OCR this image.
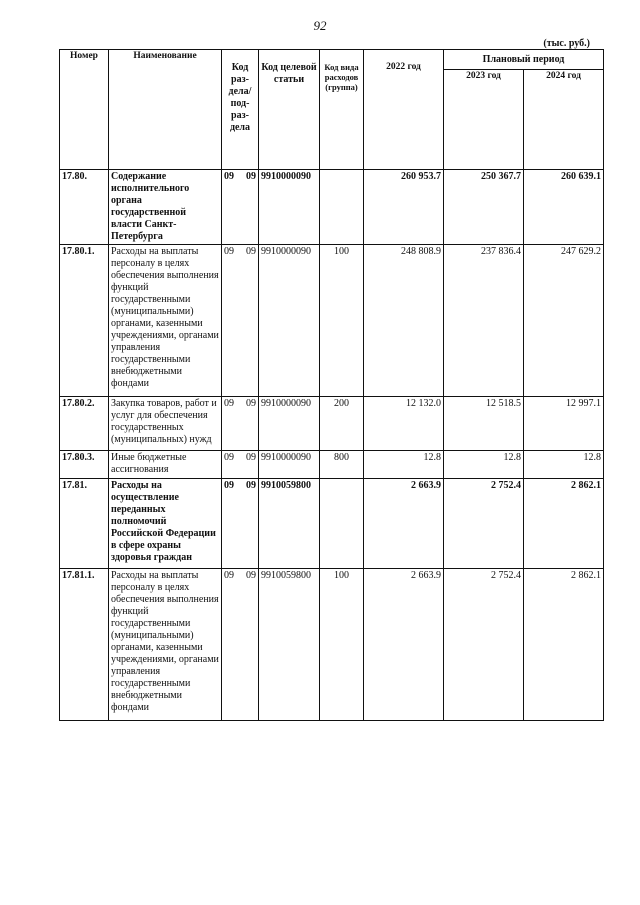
92
(тыс. руб.)
Номер	Наименование	Код раз-дела/ под-раз-дела	Код целевой статьи	Код вида расходов (группа)	2022 год	Плановый период	
						2023 год	2024 год
17.80.	Содержание исполнительного органа государственной власти Санкт-Петербурга	09 09	9910000090		260 953.7	250 367.7	260 639.1
17.80.1.	Расходы на выплаты персоналу в целях обеспечения выполнения функций государственными (муниципальными) органами, казенными учреждениями, органами управления государственными внебюджетными фондами	09 09	9910000090	100	248 808.9	237 836.4	247 629.2
17.80.2.	Закупка товаров, работ и услуг для обеспечения государственных (муниципальных) нужд	09 09	9910000090	200	12 132.0	12 518.5	12 997.1
17.80.3.	Иные бюджетные ассигнования	09 09	9910000090	800	12.8	12.8	12.8
17.81.	Расходы на осуществление переданных полномочий Российской Федерации в сфере охраны здоровья граждан	09 09	9910059800		2 663.9	2 752.4	2 862.1
17.81.1.	Расходы на выплаты персоналу в целях обеспечения выполнения функций государственными (муниципальными) органами, казенными учреждениями, органами управления государственными внебюджетными фондами	09 09	9910059800	100	2 663.9	2 752.4	2 862.1
